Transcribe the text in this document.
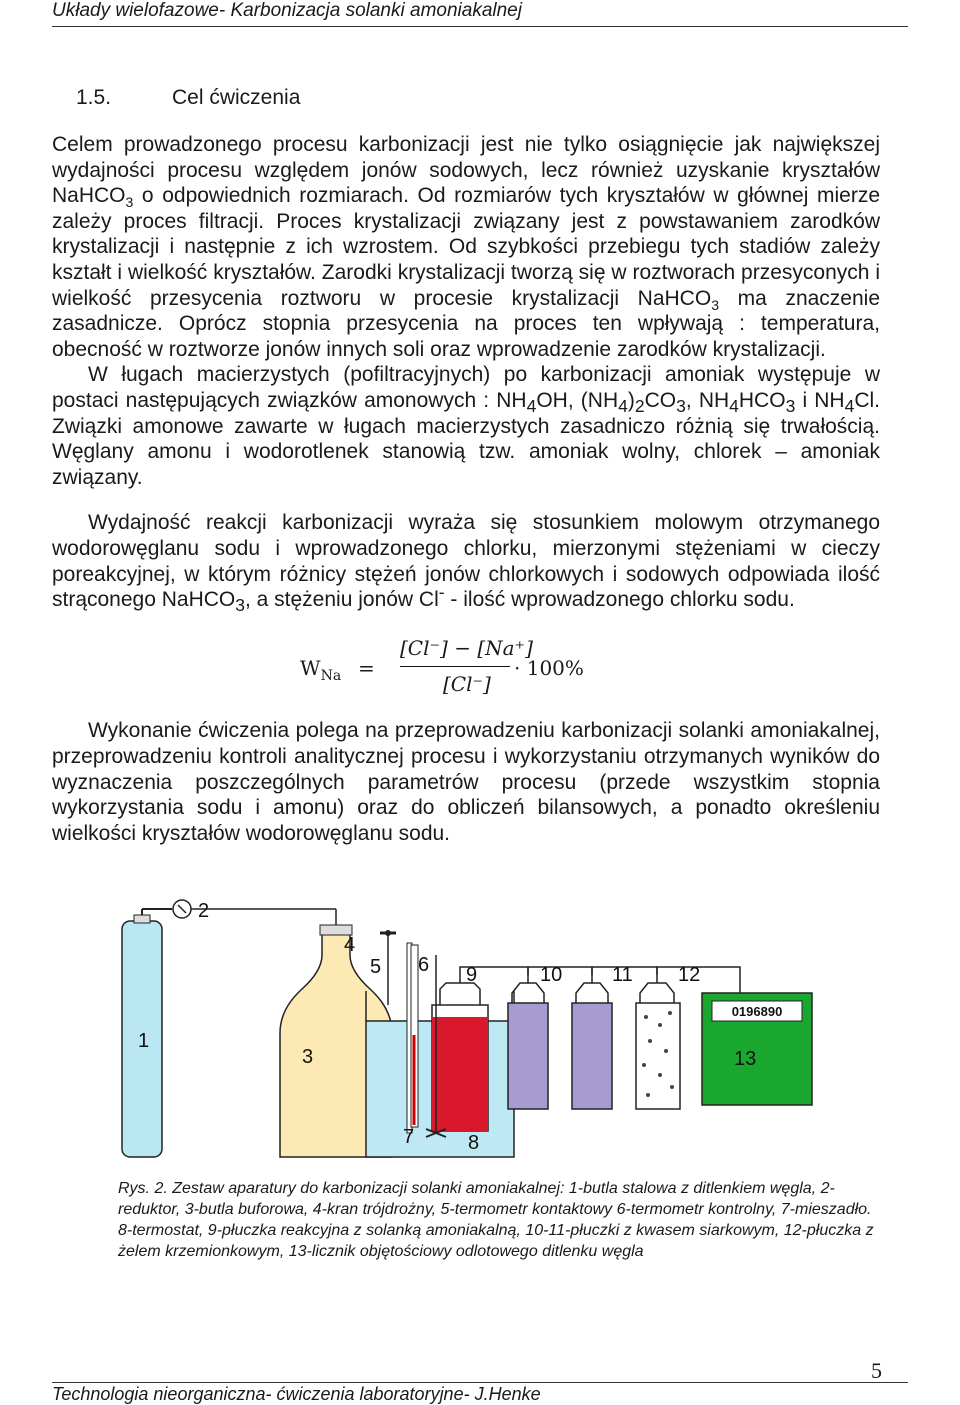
Układy wielofazowe- Karbonizacja solanki amoniakalnej
1.5.	Cel ćwiczenia

Celem prowadzonego procesu karbonizacji jest nie tylko osiągnięcie jak największej wydajności procesu względem jonów sodowych, lecz również uzyskanie kryształów NaHCO$_3$ o odpowiednich rozmiarach. Od rozmiarów tych kryształów w głównej mierze zależy proces filtracji. Proces krystalizacji związany jest z powstawaniem zarodków krystalizacji i następnie z ich wzrostem. Od szybkości przebiegu tych stadiów zależy kształt i wielkość kryształów. Zarodki krystalizacji tworzą się w roztworach przesyconych i wielkość przesycenia roztworu w procesie krystalizacji NaHCO$_3$ ma znaczenie zasadnicze. Oprócz stopnia przesycenia na proces ten wpływają : temperatura, obecność w roztworze jonów innych soli oraz wprowadzenie zarodków krystalizacji.

W ługach macierzystych (pofiltracyjnych) po karbonizacji amoniak występuje w postaci następujących związków amonowych : $NH_4OH$, $(NH_4)_2CO_3$, $NH_4HCO_3$ i $NH_4Cl$. Związki amonowe zawarte w ługach macierzystych zasadniczo różnią się trwałością. Węglany amonu i wodorotlenek stanowią tzw. amoniak wolny, chlorek – amoniak związany.

Wydajność reakcji karbonizacji wyraża się stosunkiem molowym otrzymanego wodorowęglanu sodu i wprowadzonego chlorku, mierzonymi stężeniami w cieczy poreakcyjnej, w którym różnicy stężeń jonów chlorkowych i sodowych odpowiada ilość strąconego NaHCO$_3$, a stężeniu jonów Cl- - ilość wprowadzonego chlorku sodu.

$W_{Na}$ =
[Cl⁻] − [Na⁺]
[Cl⁻]
· 100%

Wykonanie ćwiczenia polega na przeprowadzeniu karbonizacji solanki amoniakalnej, przeprowadzeniu kontroli analitycznej procesu i wykorzystaniu otrzymanych wyników do wyznaczenia poszczególnych parametrów procesu (przede wszystkim stopnia wykorzystania sodu i amonu) oraz do obliczeń bilansowych, a ponadto określeniu wielkości kryształów wodorowęglanu sodu.

0196890
1
2
3
4
5 6
7	8
9	10 11 12
13
Rys. 2. Zestaw aparatury do karbonizacji solanki amoniakalnej: 1-butla stalowa z ditlenkiem węgla, 2-reduktor, 3-butla buforowa, 4-kran trójdrożny, 5-termometr kontaktowy 6-termometr kontrolny, 7-mieszadło. 8-termostat, 9-płuczka reakcyjna z solanką amoniakalną, 10-11-płuczki z kwasem siarkowym, 12-płuczka z żelem krzemionkowym, 13-licznik objętościowy odlotowego ditlenku węgla
5
Technologia nieorganiczna- ćwiczenia laboratoryjne- J.Henke
